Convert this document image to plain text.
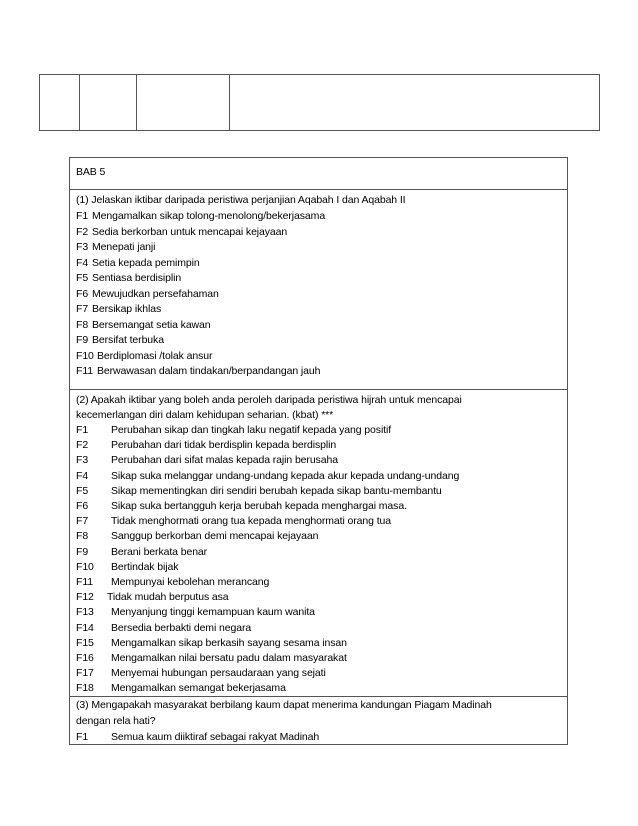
BAB 5
(1) Jelaskan iktibar daripada peristiwa perjanjian Aqabah I dan Aqabah II
F1 Mengamalkan sikap tolong-menolong/bekerjasama
F2 Sedia berkorban untuk mencapai kejayaan
F3 Menepati janji
F4 Setia kepada pemimpin
F5 Sentiasa berdisiplin
F6 Mewujudkan persefahaman
F7 Bersikap ikhlas
F8 Bersemangat setia kawan
F9 Bersifat terbuka
F10 Berdiplomasi /tolak ansur
F11 Berwawasan dalam tindakan/berpandangan jauh
(2) Apakah iktibar yang boleh anda peroleh daripada peristiwa hijrah untuk mencapai
kecemerlangan diri dalam kehidupan seharian. (kbat) ***
F1 Perubahan sikap dan tingkah laku negatif kepada yang positif
F2 Perubahan dari tidak berdisplin kepada berdisplin
F3 Perubahan dari sifat malas kepada rajin berusaha
F4 Sikap suka melanggar undang-undang kepada akur kepada undang-undang
F5 Sikap mementingkan diri sendiri berubah kepada sikap bantu-membantu
F6 Sikap suka bertangguh kerja berubah kepada menghargai masa.
F7 Tidak menghormati orang tua kepada menghormati orang tua
F8 Sanggup berkorban demi mencapai kejayaan
F9 Berani berkata benar
F10 Bertindak bijak
F11 Mempunyai kebolehan merancang
F12 Tidak mudah berputus asa
F13 Menyanjung tinggi kemampuan kaum wanita
F14 Bersedia berbakti demi negara
F15 Mengamalkan sikap berkasih sayang sesama insan
F16 Mengamalkan nilai bersatu padu dalam masyarakat
F17 Menyemai hubungan persaudaraan yang sejati
F18 Mengamalkan semangat bekerjasama
(3) Mengapakah masyarakat berbilang kaum dapat menerima kandungan Piagam Madinah
dengan rela hati?
F1 Semua kaum diiktiraf sebagai rakyat Madinah
